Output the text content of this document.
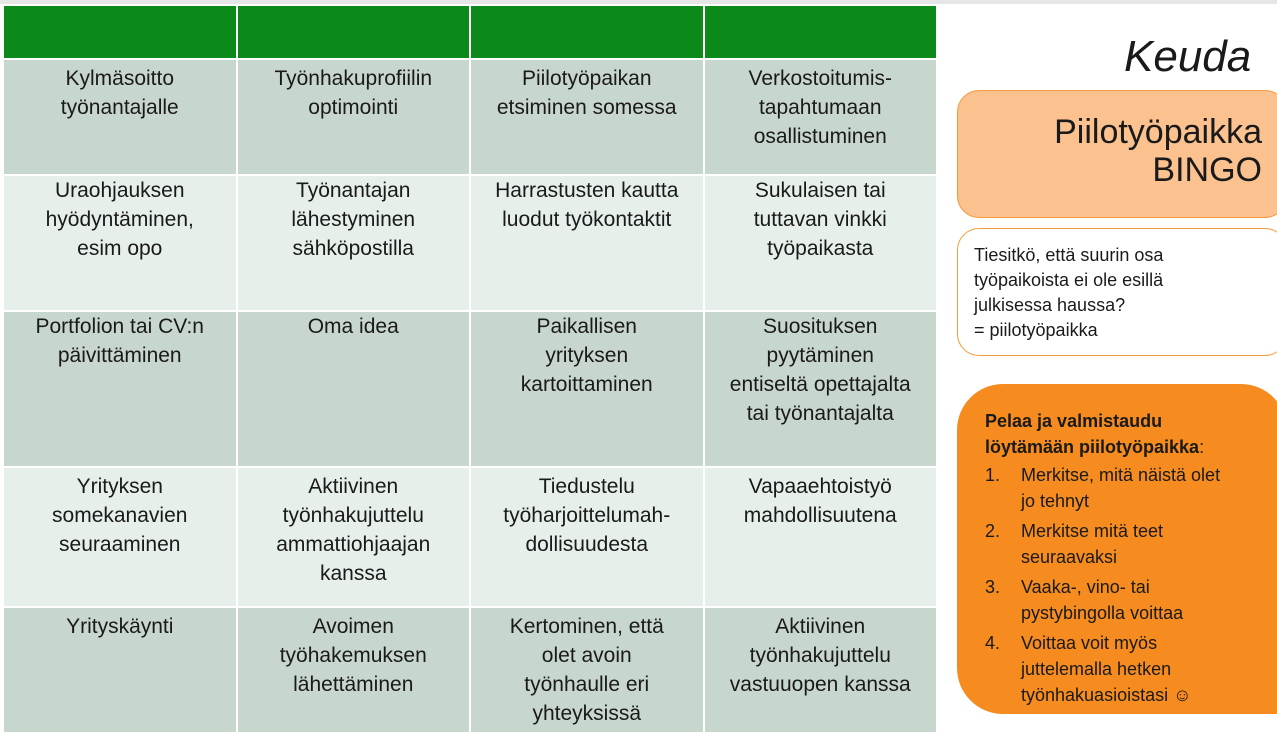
Kylmäsoitto
työnantajalle	Työnhakuprofiilin
optimointi	Piilotyöpaikan
etsiminen somessa	Verkostoitumis-
tapahtumaan
osallistuminen

Uraohjauksen
hyödyntäminen,
esim opo	Työnantajan
lähestyminen
sähköpostilla	Harrastusten kautta
luodut työkontaktit	Sukulaisen tai
tuttavan vinkki
työpaikasta

Portfolion tai CV:n
päivittäminen	Oma idea	Paikallisen
yrityksen
kartoittaminen	Suosituksen
pyytäminen
entiseltä opettajalta
tai työnantajalta

Yrityksen
somekanavien
seuraaminen	Aktiivinen
työnhakujuttelu
ammattiohjaajan
kanssa	Tiedustelu
työharjoittelumah-
dollisuudesta	Vapaaehtoistyö
mahdollisuutena

Yrityskäynti	Avoimen
työhakemuksen
lähettäminen	Kertominen, että
olet avoin
työnhaulle eri
yhteyksissä	Aktiivinen
työnhakujuttelu
vastuuopen kanssa
Keuda
Piilotyöpaikka
BINGO
Tiesitkö, että suurin osa
työpaikoista ei ole esillä
julkisessa haussa?
= piilotyöpaikka
Pelaa ja valmistaudu
löytämään piilotyöpaikka:
1.	Merkitse, mitä näistä olet
jo tehnyt
2.	Merkitse mitä teet
seuraavaksi
3.	Vaaka-, vino- tai
pystybingolla voittaa
4.	Voittaa voit myös
juttelemalla hetken
työnhakuasioistasi ☺
